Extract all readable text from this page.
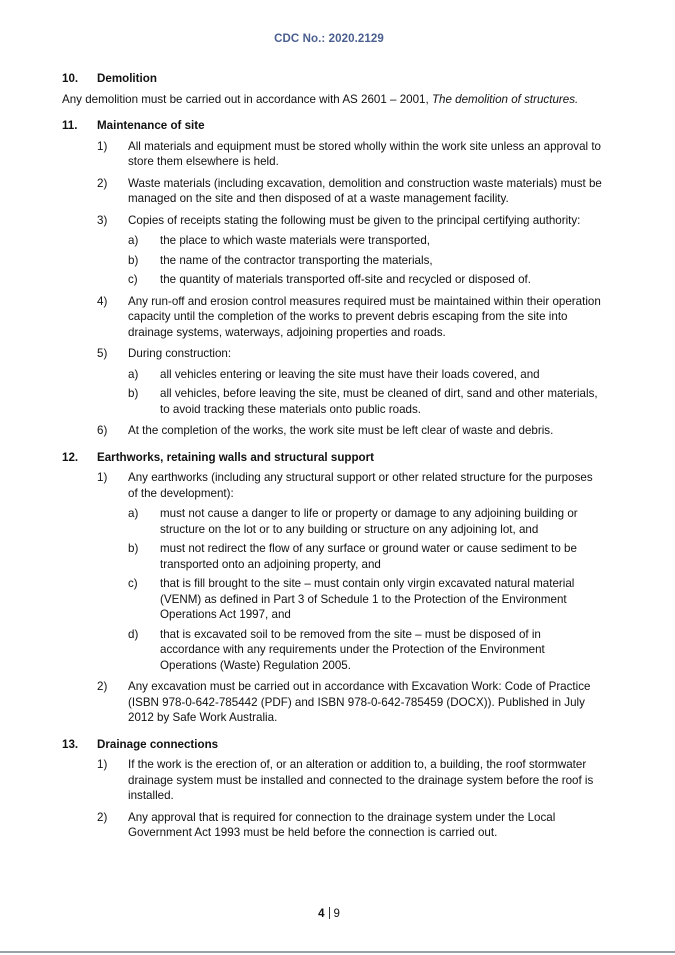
CDC No.: 2020.2129
10.	Demolition

Any demolition must be carried out in accordance with AS 2601 – 2001, The demolition of structures.

11.	Maintenance of site
1)	All materials and equipment must be stored wholly within the work site unless an approval to store them elsewhere is held.
2)	Waste materials (including excavation, demolition and construction waste materials) must be managed on the site and then disposed of at a waste management facility.
3)	Copies of receipts stating the following must be given to the principal certifying authority:
a)	the place to which waste materials were transported,
b)	the name of the contractor transporting the materials,
c)	the quantity of materials transported off-site and recycled or disposed of.
4)	Any run-off and erosion control measures required must be maintained within their operation capacity until the completion of the works to prevent debris escaping from the site into drainage systems, waterways, adjoining properties and roads.
5)	During construction:
a)	all vehicles entering or leaving the site must have their loads covered, and
b)	all vehicles, before leaving the site, must be cleaned of dirt, sand and other materials, to avoid tracking these materials onto public roads.
6)	At the completion of the works, the work site must be left clear of waste and debris.
12.	Earthworks, retaining walls and structural support
1)	Any earthworks (including any structural support or other related structure for the purposes of the development):
a)	must not cause a danger to life or property or damage to any adjoining building or structure on the lot or to any building or structure on any adjoining lot, and
b)	must not redirect the flow of any surface or ground water or cause sediment to be transported onto an adjoining property, and
c)	that is fill brought to the site – must contain only virgin excavated natural material (VENM) as defined in Part 3 of Schedule 1 to the Protection of the Environment Operations Act 1997, and
d)	that is excavated soil to be removed from the site – must be disposed of in accordance with any requirements under the Protection of the Environment Operations (Waste) Regulation 2005.
2)	Any excavation must be carried out in accordance with Excavation Work: Code of Practice (ISBN 978-0-642-785442 (PDF) and ISBN 978-0-642-785459 (DOCX)). Published in July 2012 by Safe Work Australia.
13.	Drainage connections
1)	If the work is the erection of, or an alteration or addition to, a building, the roof stormwater drainage system must be installed and connected to the drainage system before the roof is installed.
2)	Any approval that is required for connection to the drainage system under the Local Government Act 1993 must be held before the connection is carried out.
4 9
